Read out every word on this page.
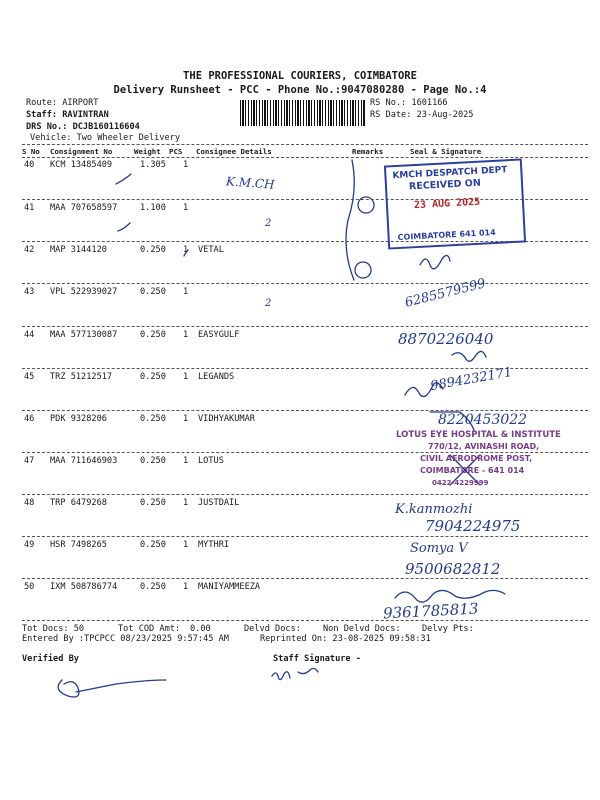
THE PROFESSIONAL COURIERS, COIMBATORE
Delivery Runsheet - PCC - Phone No.:9047080280 - Page No.:4
Route: AIRPORT
Staff: RAVINTRAN
DRS No.: DCJB160116604
Vehicle: Two Wheeler Delivery
RS No.: 1601166
RS Date: 23-Aug-2025
S No Consignment No	Weight PCS Consignee Details	Remarks	Seal & Signature
40 KCM 13485409	1.305 1
41 MAA 707658597	1.100 1
42 MAP 3144120	0.250 1 VETAL
43 VPL 522939027	0.250 1
44 MAA 577130087	0.250 1 EASYGULF
45 TRZ 51212517	0.250 1 LEGANDS
46 PDK 9328206	0.250 1 VIDHYAKUMAR
47 MAA 711646903	0.250 1 LOTUS
48 TRP 6479268	0.250 1 JUSTDAIL
49 HSR 7498265	0.250 1 MYTHRI
50 IXM 508786774	0.250 1 MANIYAMMEEZA
Tot Docs: 50	Tot COD Amt: 0.00	Delvd Docs:	Non Delvd Docs: Delvy Pts:
Entered By :TPCPCC 08/23/2025 9:57:45 AM	Reprinted On: 23-08-2025 09:58:31
Verified By	Staff Signature -
K.M.CH
2
2	6285579599
8870226040
9894232171
8220453022
K.kanmozhi
7904224975
Somya V
9500682812
9361785813
KMCH DESPATCH DEPT
RECEIVED ON
23 AUG 2025
COIMBATORE 641 014
LOTUS EYE HOSPITAL & INSTITUTE
770/12, AVINASHI ROAD,
CIVIL AERODROME POST,
COIMBATORE - 641 014
0422-4229999
